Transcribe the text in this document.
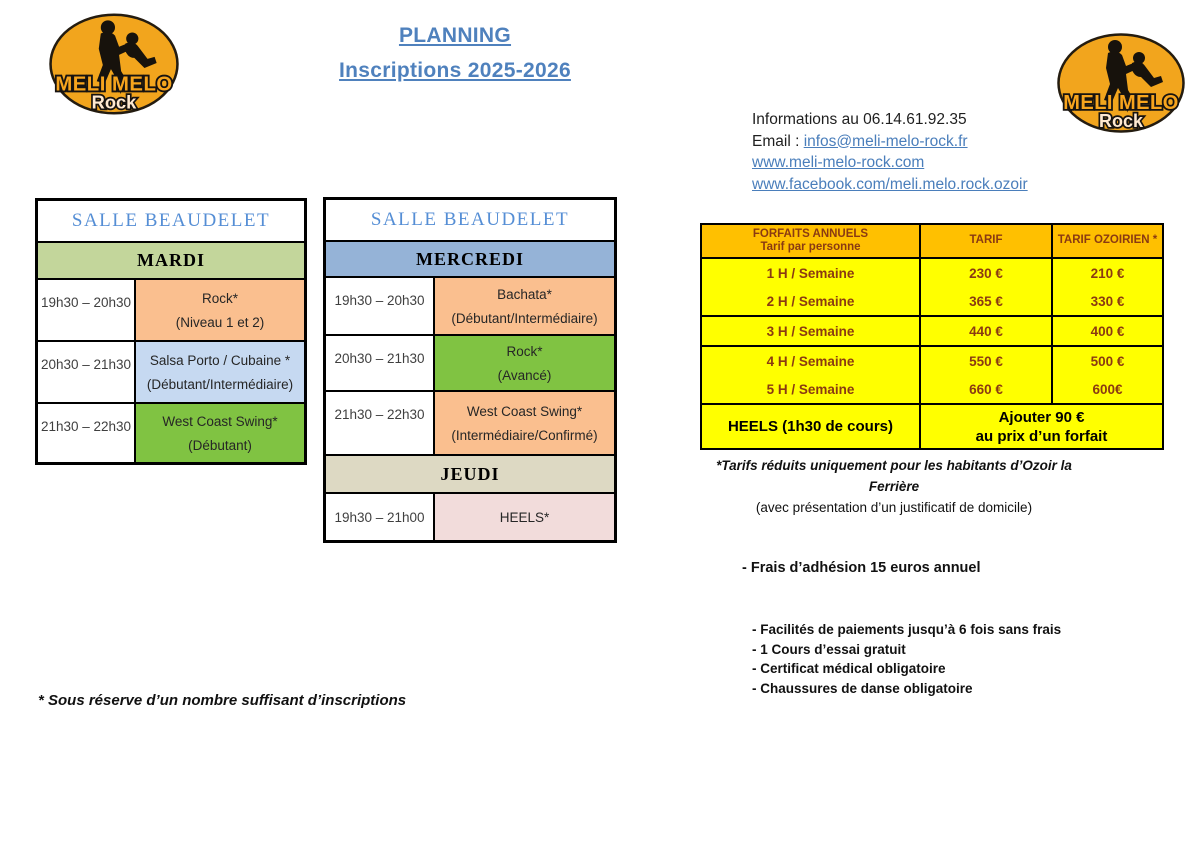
MELI MELO
Rock	MELI MELO
Rock
PLANNING
Inscriptions 2025-2026
Informations au 06.14.61.92.35
Email : infos@meli-melo-rock.fr
www.meli-melo-rock.com
www.facebook.com/meli.melo.rock.ozoir
SALLE BEAUDELET
MARDI
19h30 – 20h30	Rock*
(Niveau 1 et 2)
20h30 – 21h30	Salsa Porto / Cubaine *
(Débutant/Intermédiaire)
21h30 – 22h30	West Coast Swing*
(Débutant)
SALLE BEAUDELET
MERCREDI
19h30 – 20h30	Bachata*
(Débutant/Intermédiaire)
20h30 – 21h30	Rock*
(Avancé)
21h30 – 22h30	West Coast Swing*
(Intermédiaire/Confirmé)
JEUDI
19h30 – 21h00	HEELS*
FORFAITS ANNUELS
Tarif par personne
TARIF	TARIF OZOIRIEN *
1 H / Semaine	230 €	210 €
2 H / Semaine	365 €	330 €
3 H / Semaine	440 €	400 €
4 H / Semaine	550 €	500 €
5 H / Semaine	660 €	600€
HEELS (1h30 de cours)
Ajouter 90 €
au prix d’un forfait
*Tarifs réduits uniquement pour les habitants d’Ozoir la Ferrière
(avec présentation d’un justificatif de domicile)
- Frais d’adhésion 15 euros annuel
- Facilités de paiements jusqu’à 6 fois sans frais
- 1 Cours d’essai gratuit
- Certificat médical obligatoire
- Chaussures de danse obligatoire
* Sous réserve d’un nombre suffisant d’inscriptions
